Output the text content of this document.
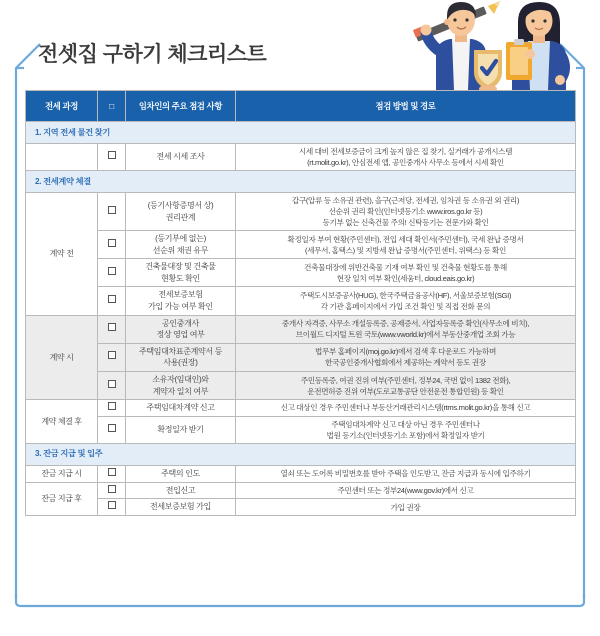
전셋집 구하기 체크리스트
전세 과정	□	임차인의 주요 점검 사항	점검 방법 및 경로
1. 지역 전세 물건 찾기			

		전세 시세 조사	시세 대비 전세보증금이 크게 높지 않은 집 찾기, 실거래가 공개시스템
(rt.molit.go.kr), 안심전세 앱, 공인중개사 사무소 등에서 시세 확인

2. 전세계약 체결			
계약 전		(등기사항증명서 상)
권리관계	갑구(압류 등 소유권 관련), 을구(근저당, 전세권, 임차권 등 소유권 외 권리)
선순위 권리 확인(인터넷등기소 www.iros.go.kr 등)
등기부 없는 신축건물 주의! 신탁등기는 전문가와 확인

		(등기부에 없는)
선순위 채권 유무	확정일자 부여 현황(주민센터), 전입 세대 확인서(주민센터), 국세 완납 증명서
(세무서, 홈택스) 및 지방세 완납 증명서(주민센터, 위택스) 등 확인

		건축물대장 및 건축물
현황도 확인	건축물대장에 위반건축물 기재 여부 확인 및 건축물 현황도를 통해
현장 일치 여부 확인(세움터, cloud.eais.go.kr)

		전세보증보험
가입 가능 여부 확인	주택도시보증공사(HUG), 한국주택금융공사(HF), 서울보증보험(SGI)
각 기관 홈페이지에서 가입 조건 확인 및 직접 전화 문의

계약 시		공인중개사
정상 영업 여부	중개사 자격증, 사무소 개설등록증, 공제증서, 사업자등록증 확인(사무소에 비치),
브이월드 디지털 트윈 국토(www.vworld.kr)에서 부동산중개업 조회 가능

		주택임대차표준계약서 등
사용(권장)	법무부 홈페이지(moj.go.kr)에서 검색 후 다운로드 가능하며
한국공인중개사협회에서 제공하는 계약서 등도 권장

		소유자(임대인)와
계약자 일치 여부	주민등록증, 여권 진위 여부(주민센터, 정부24, 국번 없이 1382 전화),
운전면허증 진위 여부(도로교통공단 안전운전 통합민원) 등 확인

계약 체결 후		주택임대차계약 신고	신고 대상인 경우 주민센터나 부동산거래관리시스템(rtms.molit.go.kr)을 통해 신고

		확정일자 받기	주택임대차계약 신고 대상 아닌 경우 주민센터나
법원 등기소(인터넷등기소 포함)에서 확정일자 받기

3. 잔금 지급 및 입주			
잔금 지급 시		주택의 인도	열쇠 또는 도어록 비밀번호를 받아 주택을 인도받고, 잔금 지급과 동시에 입주하기

잔금 지급 후		전입신고	주민센터 또는 정부24(www.gov.kr)에서 신고

		전세보증보험 가입	가입 권장
